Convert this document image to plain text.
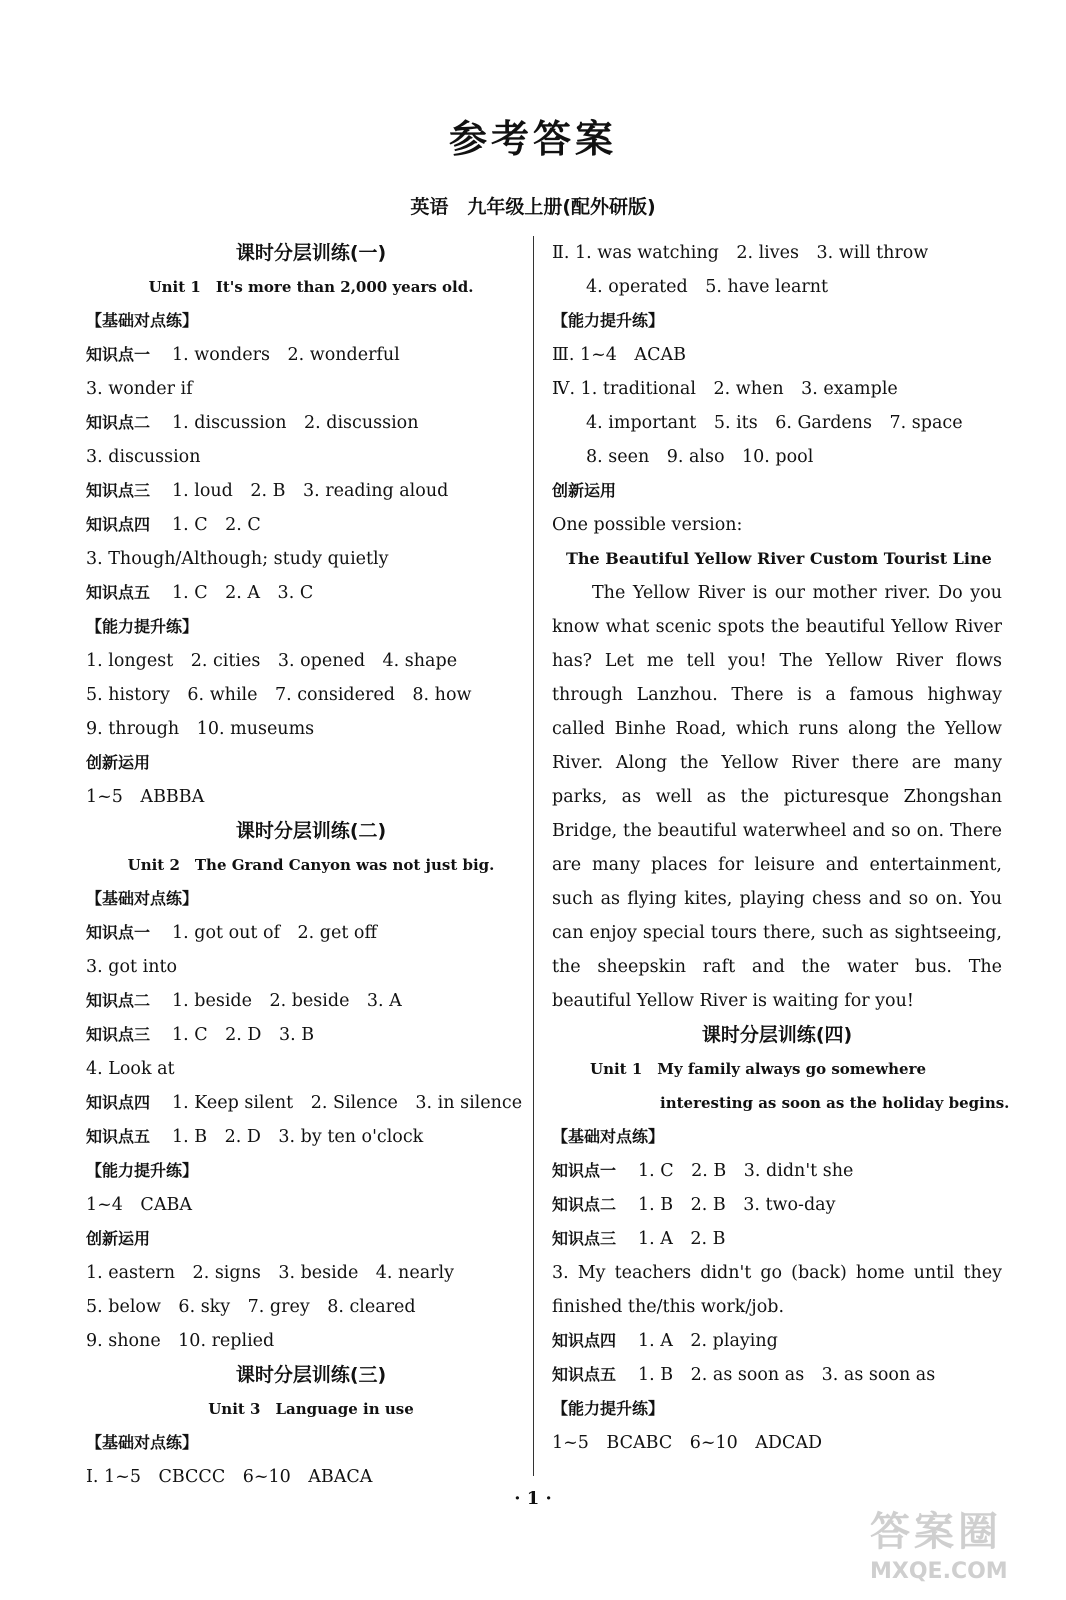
参考答案
英语　九年级上册(配外研版)
课时分层训练(一)
Unit 1　It's more than 2,000 years old.
【基础对点练】
知识点一 1. wonders　2. wonderful
3. wonder if
知识点二 1. discussion　2. discussion
3. discussion
知识点三 1. loud　2. B　3. reading aloud
知识点四 1. C　2. C
3. Though/Although; study quietly
知识点五 1. C　2. A　3. C
【能力提升练】
1. longest　2. cities　3. opened　4. shape
5. history　6. while　7. considered　8. how
9. through　10. museums
创新运用
1~5　ABBBA
课时分层训练(二)
Unit 2　The Grand Canyon was not just big.
【基础对点练】
知识点一 1. got out of　2. get off
3. got into
知识点二 1. beside　2. beside　3. A
知识点三 1. C　2. D　3. B
4. Look at
知识点四 1. Keep silent　2. Silence　3. in silence
知识点五 1. B　2. D　3. by ten o'clock
【能力提升练】
1~4　CABA
创新运用
1. eastern　2. signs　3. beside　4. nearly
5. below　6. sky　7. grey　8. cleared
9. shone　10. replied
课时分层训练(三)
Unit 3　Language in use
【基础对点练】
Ⅰ. 1~5　CBCCC　6~10　ABACA
Ⅱ. 1. was watching　2. lives　3. will throw
4. operated　5. have learnt
【能力提升练】
Ⅲ. 1~4　ACAB
Ⅳ. 1. traditional　2. when　3. example
4. important　5. its　6. Gardens　7. space
8. seen　9. also　10. pool
创新运用
One possible version:
The Beautiful Yellow River Custom Tourist Line
The Yellow River is our mother river. Do you
know what scenic spots the beautiful Yellow River
has? Let me tell you! The Yellow River flows
through Lanzhou. There is a famous highway
called Binhe Road, which runs along the Yellow
River. Along the Yellow River there are many
parks, as well as the picturesque Zhongshan
Bridge, the beautiful waterwheel and so on. There
are many places for leisure and entertainment,
such as flying kites, playing chess and so on. You
can enjoy special tours there, such as sightseeing,
the sheepskin raft and the water bus. The
beautiful Yellow River is waiting for you!
课时分层训练(四)
Unit 1　My family always go somewhere
interesting as soon as the holiday begins.
【基础对点练】
知识点一 1. C　2. B　3. didn't she
知识点二 1. B　2. B　3. two-day
知识点三 1. A　2. B
3. My teachers didn't go (back) home until they
finished the/this work/job.
知识点四 1. A　2. playing
知识点五 1. B　2. as soon as　3. as soon as
【能力提升练】
1~5　BCABC　6~10　ADCAD
· 1 ·
答案圈
MXQE.COM
